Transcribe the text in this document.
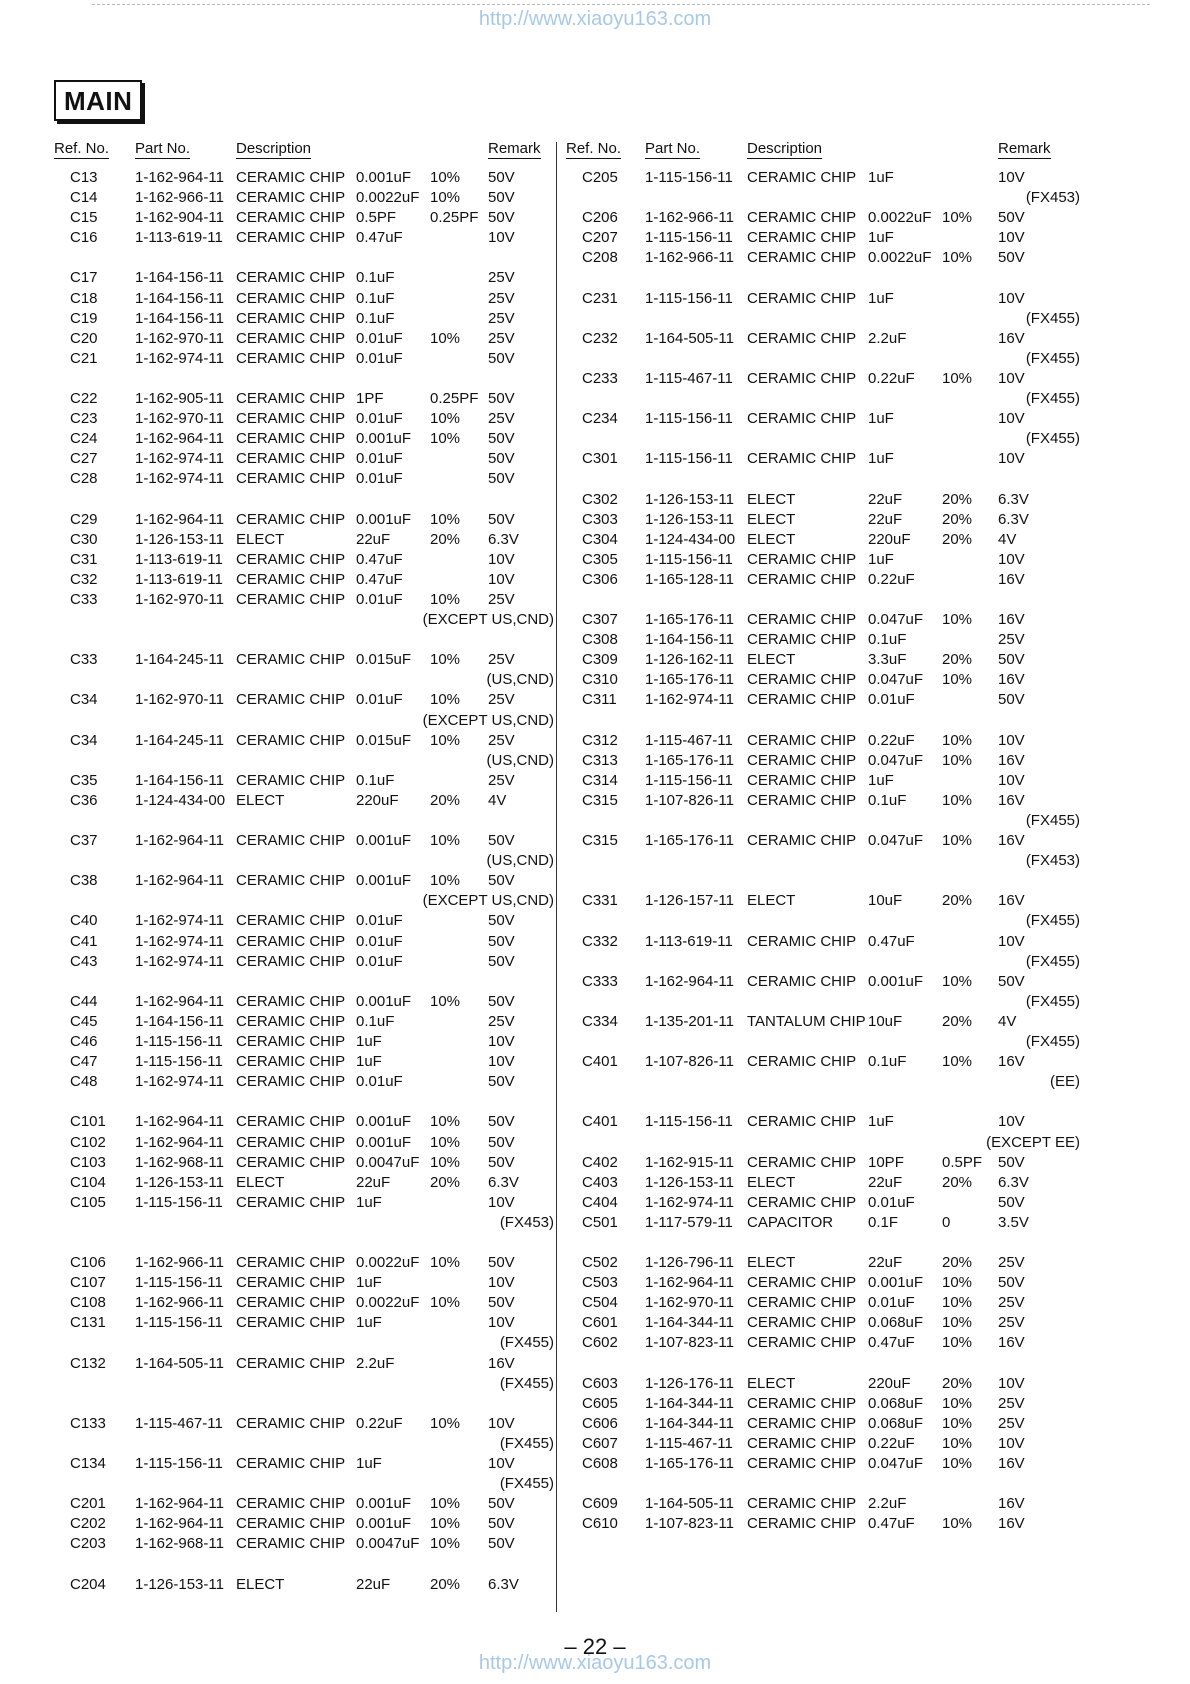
http://www.xiaoyu163.com
MAIN
Ref. No. Part No.	Description	Remark
C13 1-162-964-11 CERAMIC CHIP 0.001uF 10% 50V
C14 1-162-966-11 CERAMIC CHIP 0.0022uF 10% 50V
C15 1-162-904-11 CERAMIC CHIP 0.5PF 0.25PF 50V
C16 1-113-619-11 CERAMIC CHIP 0.47uF	10V
C17 1-164-156-11 CERAMIC CHIP 0.1uF	25V
C18 1-164-156-11 CERAMIC CHIP 0.1uF	25V
C19 1-164-156-11 CERAMIC CHIP 0.1uF	25V
C20 1-162-970-11 CERAMIC CHIP 0.01uF 10% 25V
C21 1-162-974-11 CERAMIC CHIP 0.01uF	50V
C22 1-162-905-11 CERAMIC CHIP 1PF	0.25PF 50V
C23 1-162-970-11 CERAMIC CHIP 0.01uF 10% 25V
C24 1-162-964-11 CERAMIC CHIP 0.001uF 10% 50V
C27 1-162-974-11 CERAMIC CHIP 0.01uF	50V
C28 1-162-974-11 CERAMIC CHIP 0.01uF	50V
C29 1-162-964-11 CERAMIC CHIP 0.001uF 10% 50V
C30 1-126-153-11 ELECT	22uF	20% 6.3V
C31 1-113-619-11 CERAMIC CHIP 0.47uF	10V
C32 1-113-619-11 CERAMIC CHIP 0.47uF	10V
C33 1-162-970-11 CERAMIC CHIP 0.01uF 10% 25V
(EXCEPT US,CND)
C33 1-164-245-11 CERAMIC CHIP 0.015uF 10% 25V
(US,CND)
C34 1-162-970-11 CERAMIC CHIP 0.01uF 10% 25V
(EXCEPT US,CND)
C34 1-164-245-11 CERAMIC CHIP 0.015uF 10% 25V
(US,CND)
C35 1-164-156-11 CERAMIC CHIP 0.1uF	25V
C36 1-124-434-00 ELECT	220uF 20% 4V
C37 1-162-964-11 CERAMIC CHIP 0.001uF 10% 50V
(US,CND)
C38 1-162-964-11 CERAMIC CHIP 0.001uF 10% 50V
(EXCEPT US,CND)
C40 1-162-974-11 CERAMIC CHIP 0.01uF	50V
C41 1-162-974-11 CERAMIC CHIP 0.01uF	50V
C43 1-162-974-11 CERAMIC CHIP 0.01uF	50V
C44 1-162-964-11 CERAMIC CHIP 0.001uF 10% 50V
C45 1-164-156-11 CERAMIC CHIP 0.1uF	25V
C46 1-115-156-11 CERAMIC CHIP 1uF	10V
C47 1-115-156-11 CERAMIC CHIP 1uF	10V
C48 1-162-974-11 CERAMIC CHIP 0.01uF	50V
C101 1-162-964-11 CERAMIC CHIP 0.001uF 10% 50V
C102 1-162-964-11 CERAMIC CHIP 0.001uF 10% 50V
C103 1-162-968-11 CERAMIC CHIP 0.0047uF 10% 50V
C104 1-126-153-11 ELECT	22uF	20% 6.3V
C105 1-115-156-11 CERAMIC CHIP 1uF	10V
(FX453)
C106 1-162-966-11 CERAMIC CHIP 0.0022uF 10% 50V
C107 1-115-156-11 CERAMIC CHIP 1uF	10V
C108 1-162-966-11 CERAMIC CHIP 0.0022uF 10% 50V
C131 1-115-156-11 CERAMIC CHIP 1uF	10V
(FX455)
C132 1-164-505-11 CERAMIC CHIP 2.2uF	16V
(FX455)
C133 1-115-467-11 CERAMIC CHIP 0.22uF 10% 10V
(FX455)
C134 1-115-156-11 CERAMIC CHIP 1uF	10V
(FX455)
C201 1-162-964-11 CERAMIC CHIP 0.001uF 10% 50V
C202 1-162-964-11 CERAMIC CHIP 0.001uF 10% 50V
C203 1-162-968-11 CERAMIC CHIP 0.0047uF 10% 50V
C204 1-126-153-11 ELECT	22uF	20% 6.3V
Ref. No. Part No.	Description	Remark
C205 1-115-156-11 CERAMIC CHIP 1uF	10V
(FX453)
C206 1-162-966-11 CERAMIC CHIP 0.0022uF 10% 50V
C207 1-115-156-11 CERAMIC CHIP 1uF	10V
C208 1-162-966-11 CERAMIC CHIP 0.0022uF 10% 50V
C231 1-115-156-11 CERAMIC CHIP 1uF	10V
(FX455)
C232 1-164-505-11 CERAMIC CHIP 2.2uF	16V
(FX455)
C233 1-115-467-11 CERAMIC CHIP 0.22uF 10% 10V
(FX455)
C234 1-115-156-11 CERAMIC CHIP 1uF	10V
(FX455)
C301 1-115-156-11 CERAMIC CHIP 1uF	10V
C302 1-126-153-11 ELECT	22uF	20% 6.3V
C303 1-126-153-11 ELECT	22uF	20% 6.3V
C304 1-124-434-00 ELECT	220uF 20% 4V
C305 1-115-156-11 CERAMIC CHIP 1uF	10V
C306 1-165-128-11 CERAMIC CHIP 0.22uF	16V
C307 1-165-176-11 CERAMIC CHIP 0.047uF 10% 16V
C308 1-164-156-11 CERAMIC CHIP 0.1uF	25V
C309 1-126-162-11 ELECT	3.3uF 20% 50V
C310 1-165-176-11 CERAMIC CHIP 0.047uF 10% 16V
C311 1-162-974-11 CERAMIC CHIP 0.01uF	50V
C312 1-115-467-11 CERAMIC CHIP 0.22uF 10% 10V
C313 1-165-176-11 CERAMIC CHIP 0.047uF 10% 16V
C314 1-115-156-11 CERAMIC CHIP 1uF	10V
C315 1-107-826-11 CERAMIC CHIP 0.1uF 10% 16V
(FX455)
C315 1-165-176-11 CERAMIC CHIP 0.047uF 10% 16V
(FX453)
C331 1-126-157-11 ELECT	10uF	20% 16V
(FX455)
C332 1-113-619-11 CERAMIC CHIP 0.47uF	10V
(FX455)
C333 1-162-964-11 CERAMIC CHIP 0.001uF 10% 50V
(FX455)
C334 1-135-201-11 TANTALUM CHIP 10uF	20% 4V
(FX455)
C401 1-107-826-11 CERAMIC CHIP 0.1uF 10% 16V
(EE)
C401 1-115-156-11 CERAMIC CHIP 1uF	10V
(EXCEPT EE)
C402 1-162-915-11 CERAMIC CHIP 10PF	0.5PF 50V
C403 1-126-153-11 ELECT	22uF	20% 6.3V
C404 1-162-974-11 CERAMIC CHIP 0.01uF	50V
C501 1-117-579-11 CAPACITOR 0.1F	0	3.5V
C502 1-126-796-11 ELECT	22uF	20% 25V
C503 1-162-964-11 CERAMIC CHIP 0.001uF 10% 50V
C504 1-162-970-11 CERAMIC CHIP 0.01uF 10% 25V
C601 1-164-344-11 CERAMIC CHIP 0.068uF 10% 25V
C602 1-107-823-11 CERAMIC CHIP 0.47uF 10% 16V
C603 1-126-176-11 ELECT	220uF 20% 10V
C605 1-164-344-11 CERAMIC CHIP 0.068uF 10% 25V
C606 1-164-344-11 CERAMIC CHIP 0.068uF 10% 25V
C607 1-115-467-11 CERAMIC CHIP 0.22uF 10% 10V
C608 1-165-176-11 CERAMIC CHIP 0.047uF 10% 16V
C609 1-164-505-11 CERAMIC CHIP 2.2uF	16V
C610 1-107-823-11 CERAMIC CHIP 0.47uF 10% 16V
– 22 –
http://www.xiaoyu163.com
